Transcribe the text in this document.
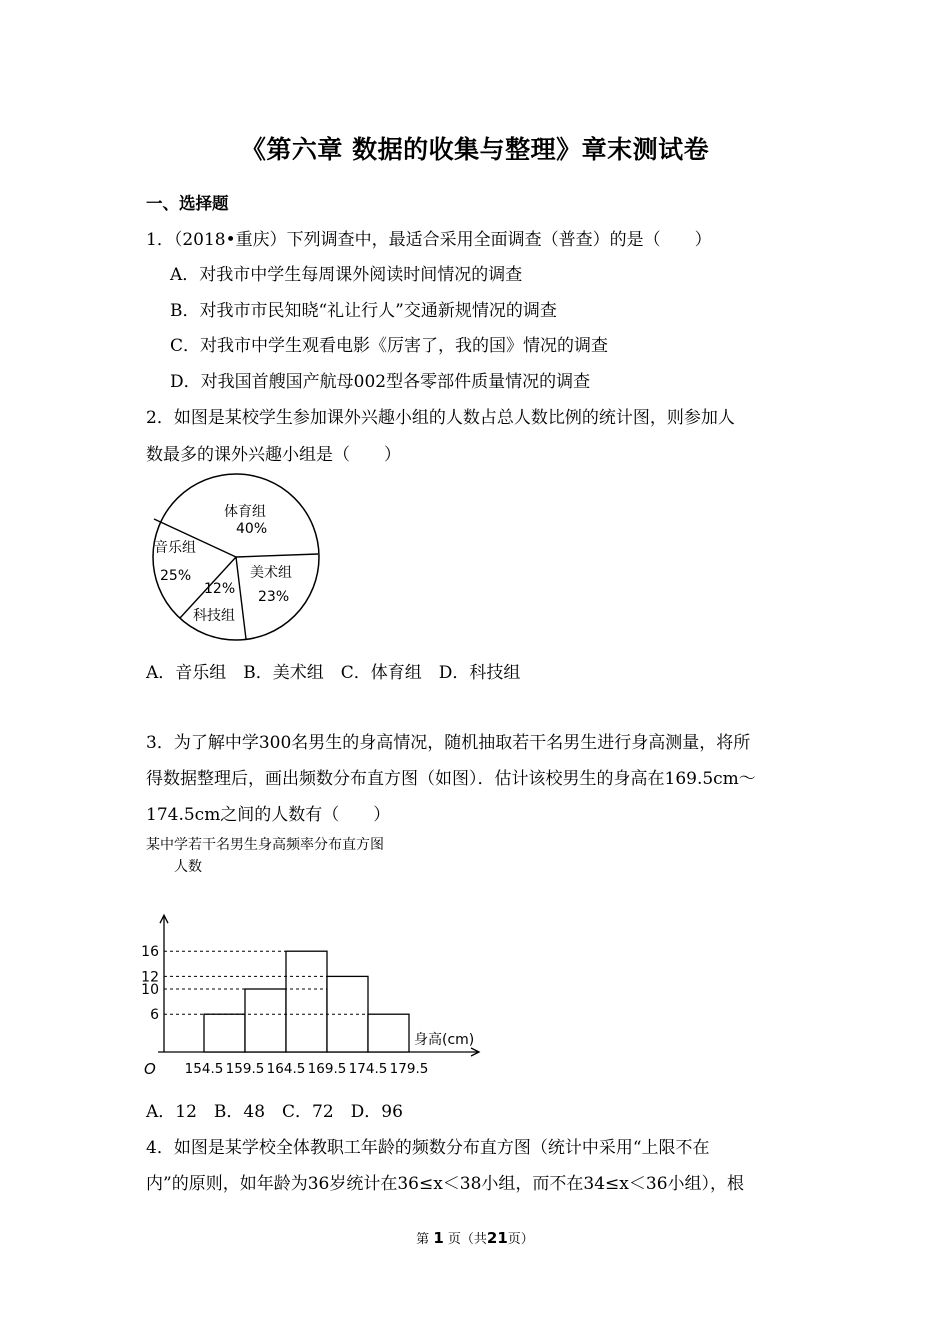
《第六章 数据的收集与整理》章末测试卷
一、选择题
1．（2018•重庆）下列调查中，最适合采用全面调查（普查）的是（　　）
A．对我市中学生每周课外阅读时间情况的调查
B．对我市市民知晓“礼让行人”交通新规情况的调查
C．对我市中学生观看电影《厉害了，我的国》情况的调查
D．对我国首艘国产航母002型各零部件质量情况的调查
2．如图是某校学生参加课外兴趣小组的人数占总人数比例的统计图，则参加人
数最多的课外兴趣小组是（　　）
体育组
40%
美术组
23%
12%
科技组
音乐组
25%
A．音乐组　B．美术组　C．体育组　D．科技组
3．为了解中学300名男生的身高情况，随机抽取若干名男生进行身高测量，将所
得数据整理后，画出频数分布直方图（如图）．估计该校男生的身高在169.5cm～
174.5cm之间的人数有（　　）
某中学若干名男生身高频率分布直方图
人数
身高(cm)
O
6
10
12
16
154.5 159.5 164.5 169.5 174.5 179.5
A．12　B．48　C．72　D．96
4．如图是某学校全体教职工年龄的频数分布直方图（统计中采用“上限不在
内”的原则，如年龄为36岁统计在36≤x＜38小组，而不在34≤x＜36小组），根
第 1 页（共21页）
